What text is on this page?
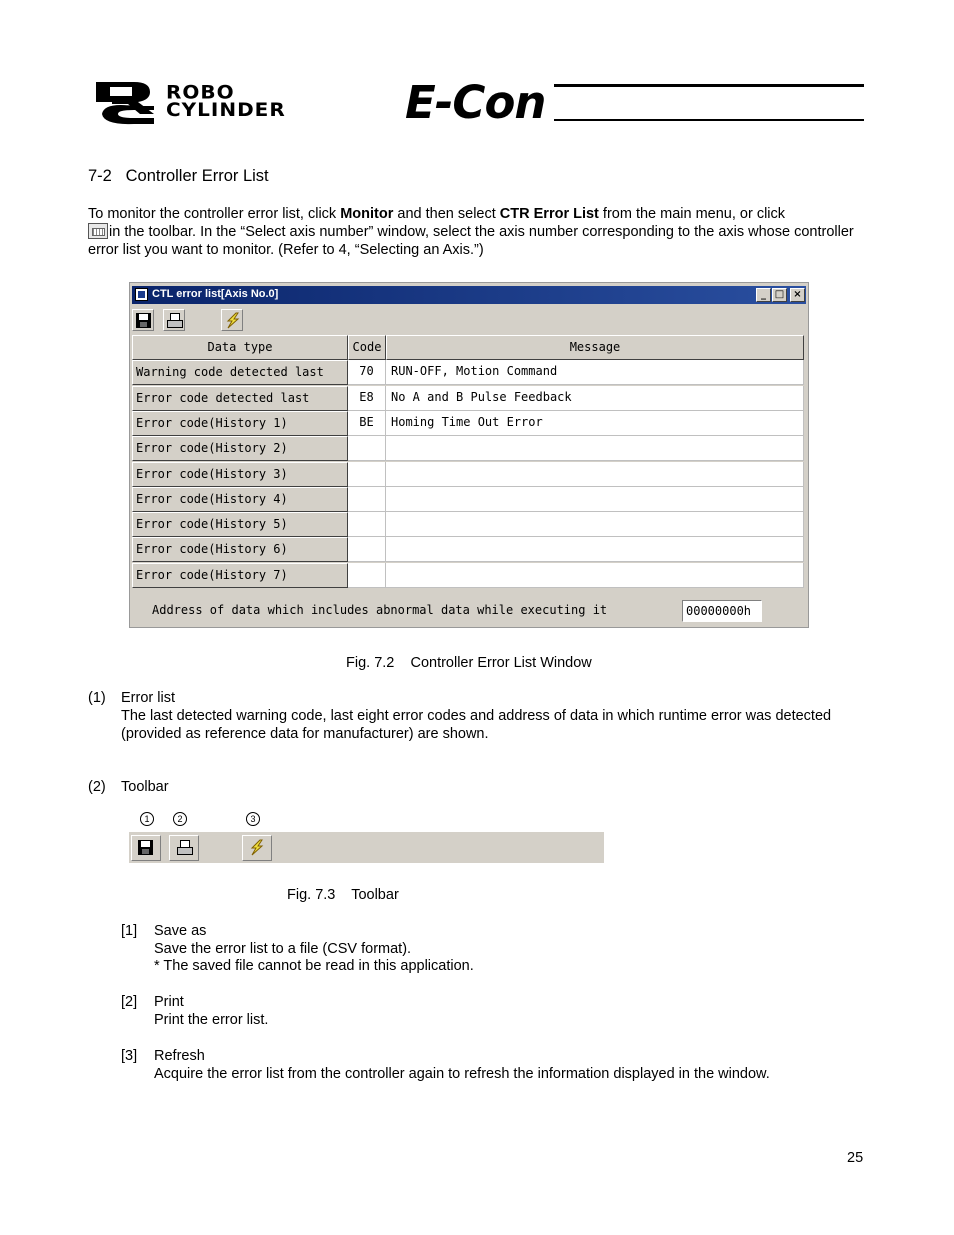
ROBO
CYLINDER	E-Con
7-2   Controller Error List
To monitor the controller error list, click Monitor and then select CTR Error List from the main menu, or click
in the toolbar. In the “Select axis number” window, select the axis number corresponding to the axis whose controller error list you want to monitor. (Refer to 4, “Selecting an Axis.”)
CTL error list[Axis No.0]	_ □ ×
Data type	Code	Message
Warning code detected last	70	RUN-OFF, Motion Command
Error code detected last	E8	No A and B Pulse Feedback
Error code(History 1)	BE	Homing Time Out Error
Error code(History 2)
Error code(History 3)
Error code(History 4)
Error code(History 5)
Error code(History 6)
Error code(History 7)
Address of data which includes abnormal data while executing it	00000000h
Fig. 7.2    Controller Error List Window
(1) Error list
The last detected warning code, last eight error codes and address of data in which runtime error was detected (provided as reference data for manufacturer) are shown.
(2) Toolbar
1	2	3
Fig. 7.3    Toolbar
[1] Save as
Save the error list to a file (CSV format).
* The saved file cannot be read in this application.
[2] Print
Print the error list.
[3] Refresh
Acquire the error list from the controller again to refresh the information displayed in the window.
25
